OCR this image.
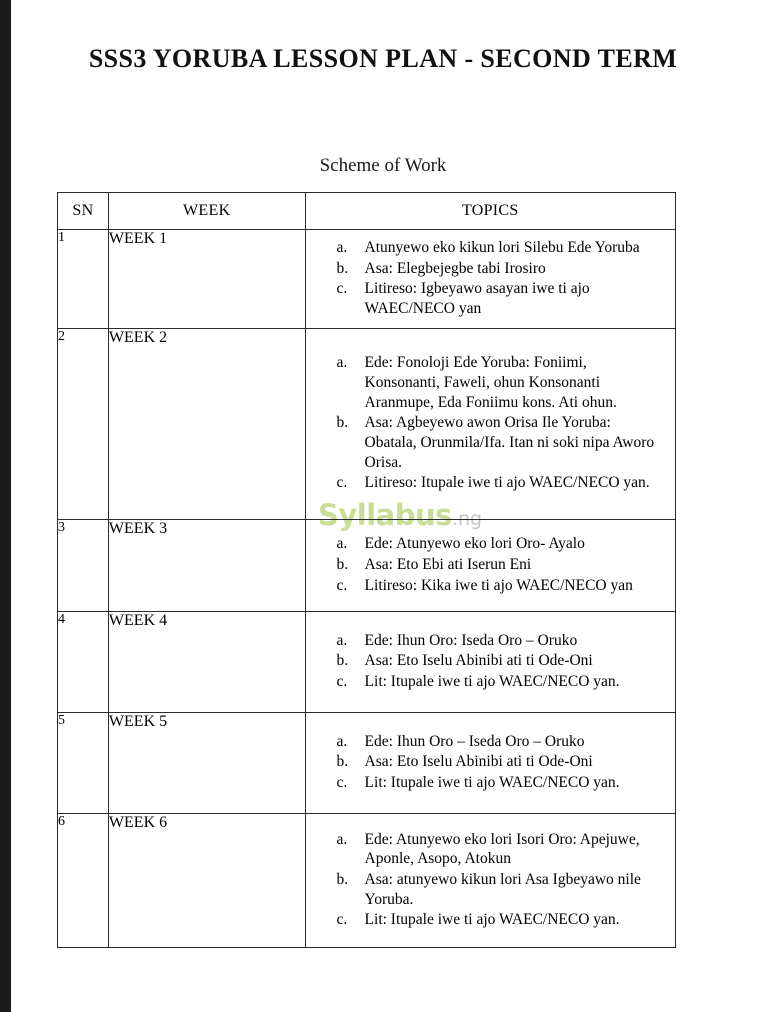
SSS3 YORUBA LESSON PLAN - SECOND TERM
Scheme of Work
Syllabus.ng
SN	WEEK	TOPICS
1	WEEK 1	
a.	Atunyewo eko kikun lori Silebu Ede Yoruba
b.	Asa: Elegbejegbe tabi Irosiro
c.	Litireso: Igbeyawo asayan iwe ti ajo WAEC/NECO yan

2	WEEK 2	
a.	Ede: Fonoloji Ede Yoruba: Foniimi, Konsonanti, Faweli, ohun Konsonanti Aranmupe, Eda Foniimu kons. Ati ohun.
b.	Asa: Agbeyewo awon Orisa Ile Yoruba: Obatala, Orunmila/Ifa. Itan ni soki nipa Aworo Orisa.
c.	Litireso: Itupale iwe ti ajo WAEC/NECO yan.

3	WEEK 3	
a.	Ede: Atunyewo eko lori Oro- Ayalo
b.	Asa: Eto Ebi ati Iserun Eni
c.	Litireso: Kika iwe ti ajo WAEC/NECO yan

4	WEEK 4	
a.	Ede: Ihun Oro: Iseda Oro – Oruko
b.	Asa: Eto Iselu Abinibi ati ti Ode-Oni
c.	Lit: Itupale iwe ti ajo WAEC/NECO yan.

5	WEEK 5	
a.	Ede: Ihun Oro – Iseda Oro – Oruko
b.	Asa: Eto Iselu Abinibi ati ti Ode-Oni
c.	Lit: Itupale iwe ti ajo WAEC/NECO yan.

6	WEEK 6	
a.	Ede: Atunyewo eko lori Isori Oro: Apejuwe, Aponle, Asopo, Atokun
b.	Asa: atunyewo kikun lori Asa Igbeyawo nile Yoruba.
c.	Lit: Itupale iwe ti ajo WAEC/NECO yan.
